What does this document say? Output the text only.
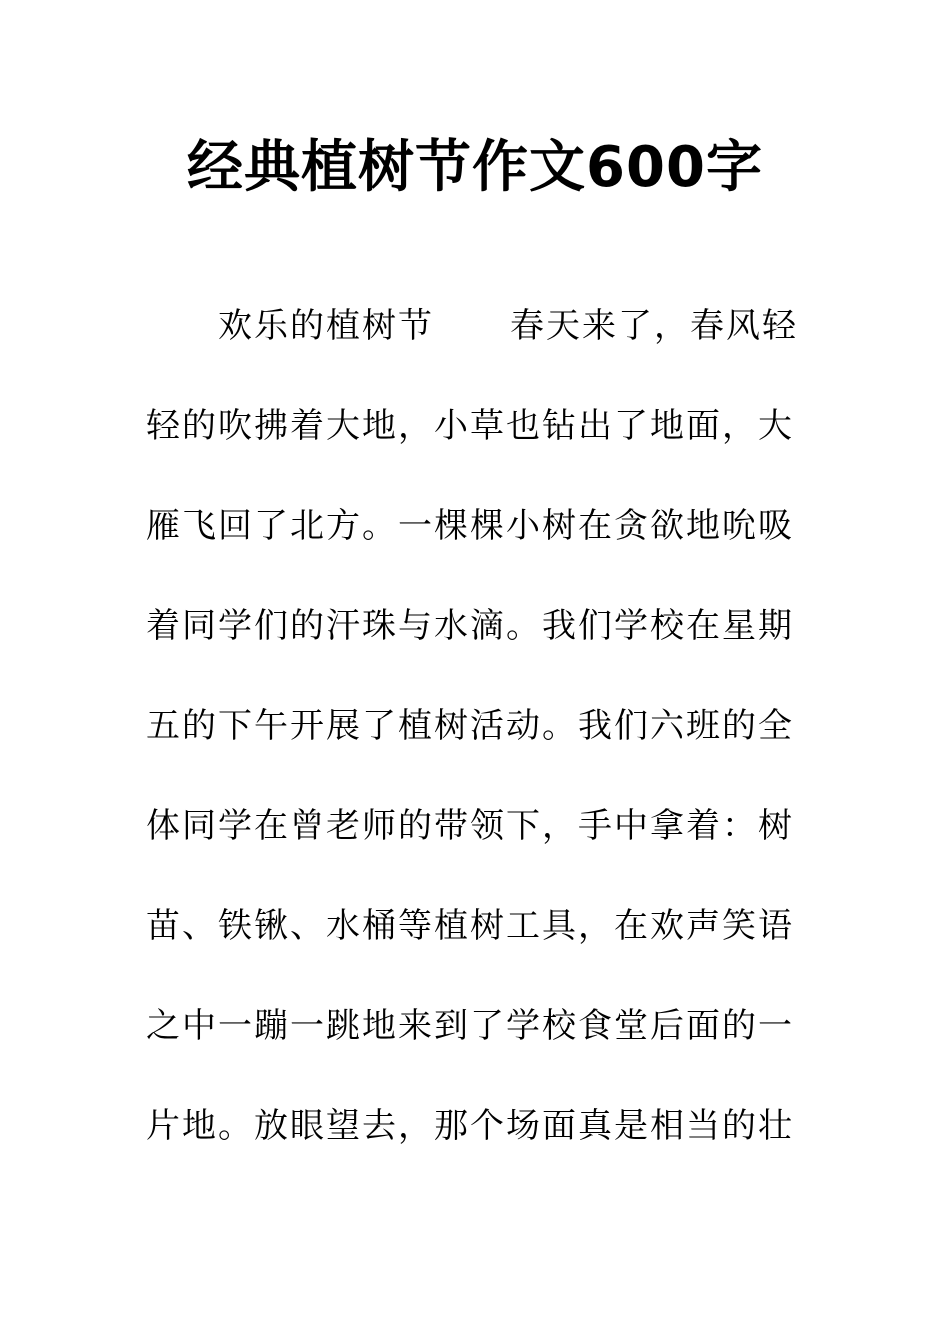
经典植树节作文600字
欢乐的植树节 春天来了，春风轻
轻的吹拂着大地，小草也钻出了地面，大
雁飞回了北方。一棵棵小树在贪欲地吮吸
着同学们的汗珠与水滴。我们学校在星期
五的下午开展了植树活动。我们六班的全
体同学在曾老师的带领下，手中拿着：树
苗、铁锹、水桶等植树工具，在欢声笑语
之中一蹦一跳地来到了学校食堂后面的一
片地。放眼望去，那个场面真是相当的壮
